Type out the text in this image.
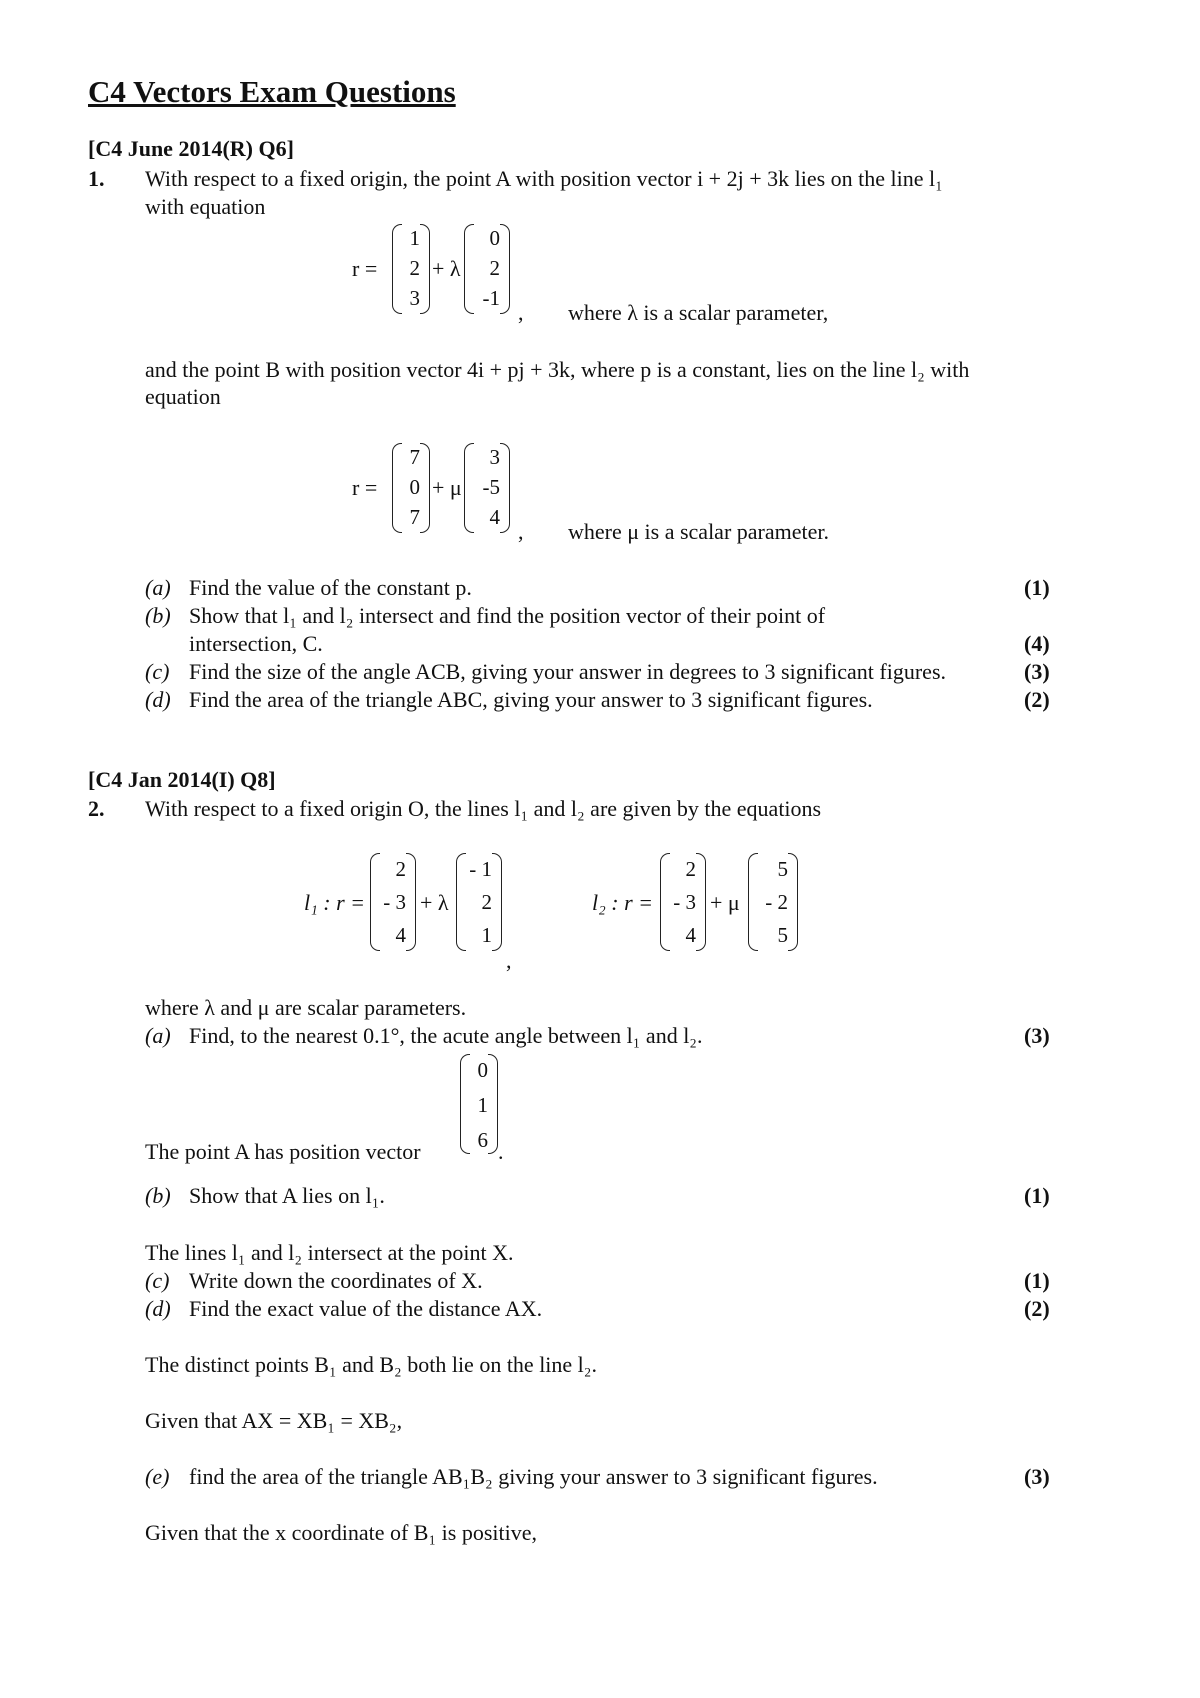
C4 Vectors Exam Questions
[C4 June 2014(R) Q6]
1. With respect to a fixed origin, the point A with position vector i + 2j + 3k lies on the line l₁
with equation
r =
1
2
3
+ λ
0
2
-1
, where λ is a scalar parameter,
and the point B with position vector 4i + pj + 3k, where p is a constant, lies on the line l₂ with
equation
r =
7
0
7
+ μ
3
-5
4
, where μ is a scalar parameter.
(a) Find the value of the constant p.	(1)
(b) Show that l₁ and l₂ intersect and find the position vector of their point of
intersection, C.	(4)
(c) Find the size of the angle ACB, giving your answer in degrees to 3 significant figures.	(3)
(d) Find the area of the triangle ABC, giving your answer to 3 significant figures.	(2)
[C4 Jan 2014(I) Q8]
2. With respect to a fixed origin O, the lines l₁ and l₂ are given by the equations
l₁ : r =
2
- 3
4
+ λ
- 1
2
1
,
l₂ : r =
2
- 3
4
+ μ
5
- 2
5
where λ and μ are scalar parameters.
(a) Find, to the nearest 0.1°, the acute angle between l₁ and l₂.	(3)
The point A has position vector
0
1
6 .
(b) Show that A lies on l₁.	(1)
The lines l₁ and l₂ intersect at the point X.
(c) Write down the coordinates of X.	(1)
(d) Find the exact value of the distance AX.	(2)
The distinct points B₁ and B₂ both lie on the line l₂.
Given that AX = XB₁ = XB₂,
(e) find the area of the triangle AB₁B₂ giving your answer to 3 significant figures.	(3)
Given that the x coordinate of B₁ is positive,
